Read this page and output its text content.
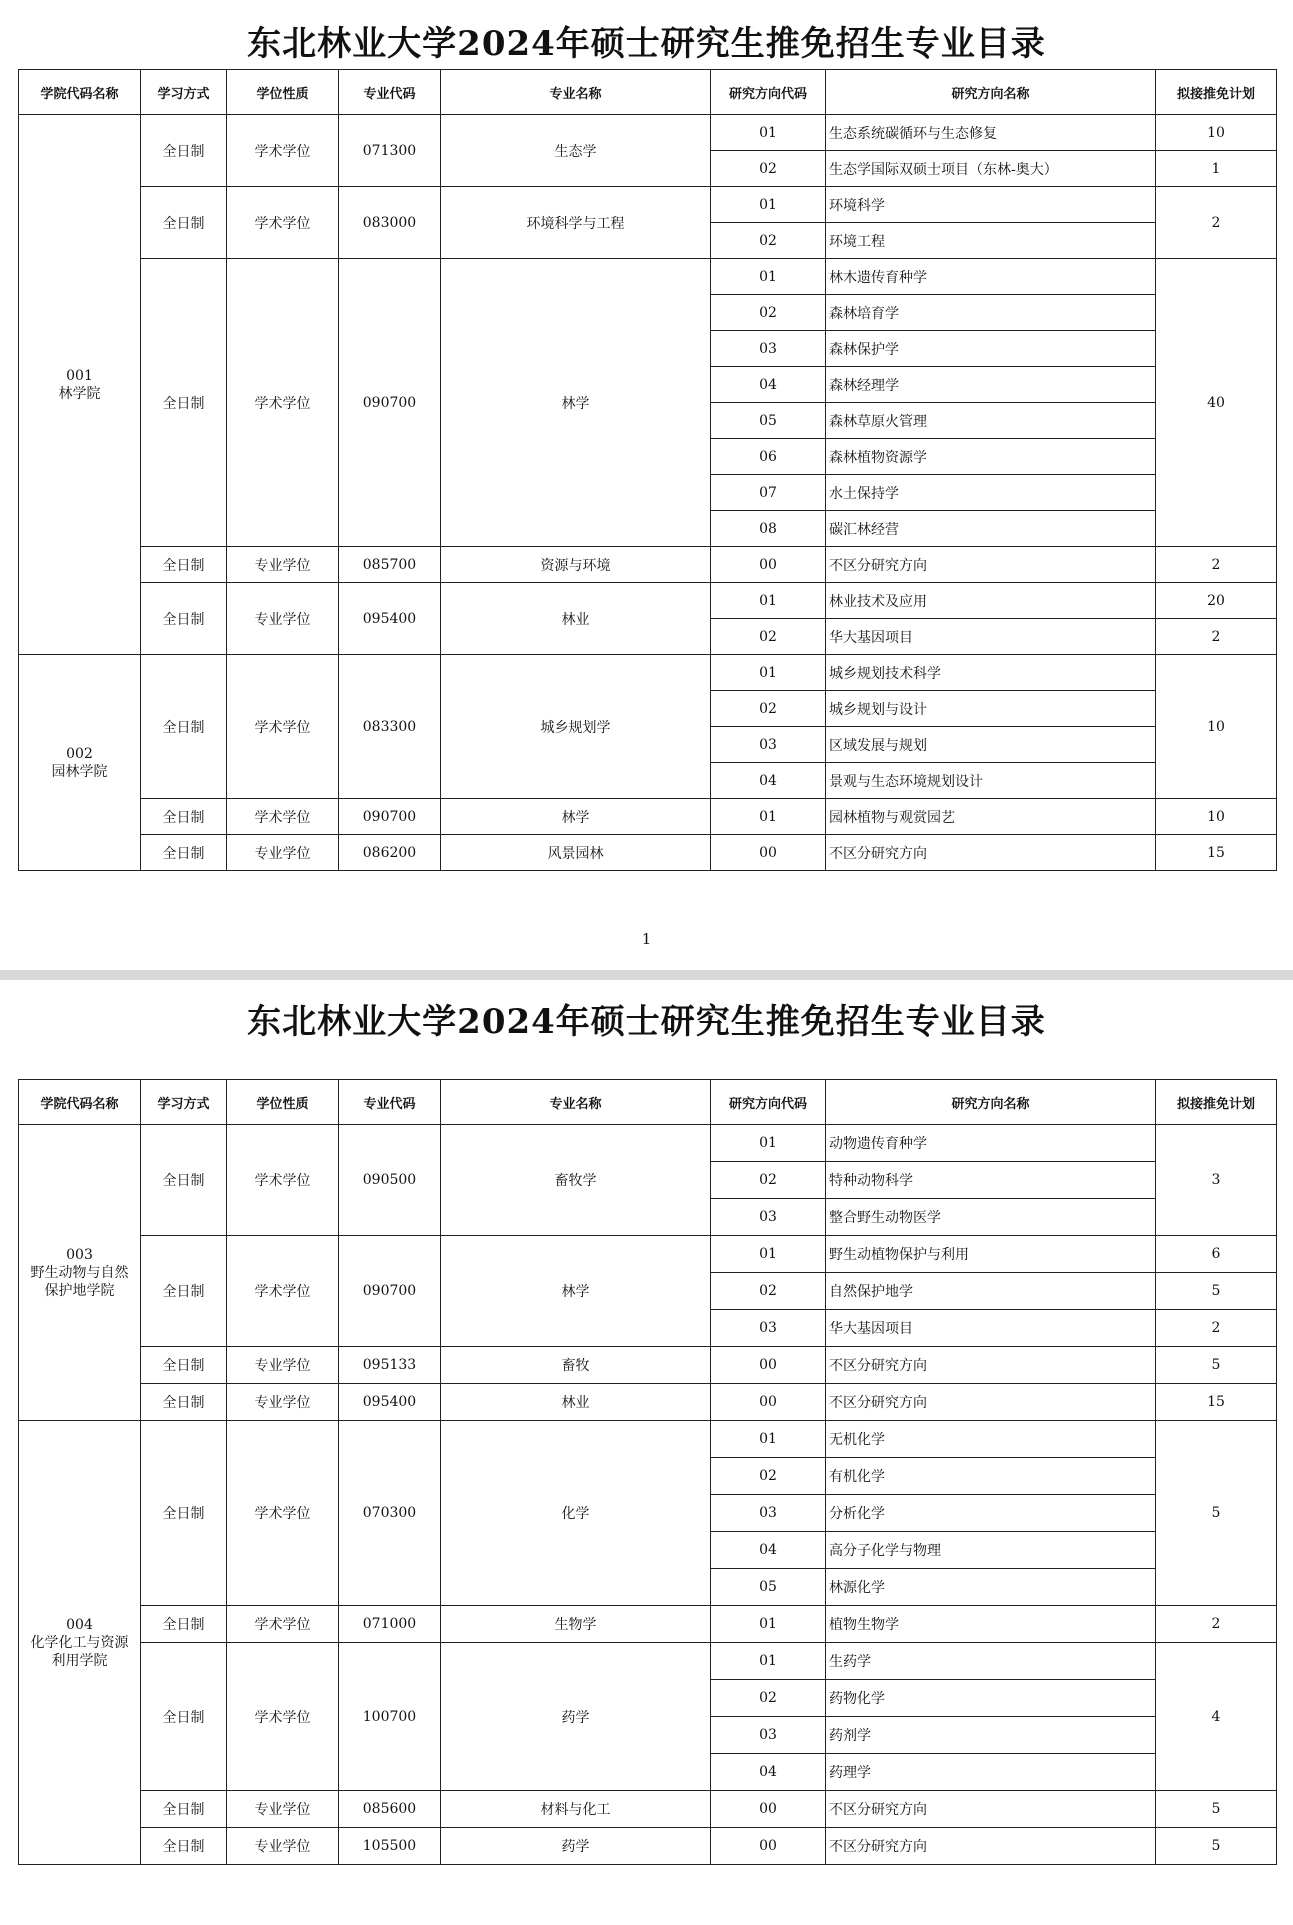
东北林业大学2024年硕士研究生推免招生专业目录
学院代码名称	学习方式	学位性质	专业代码	专业名称	研究方向代码	研究方向名称	拟接推免计划

001
林学院	全日制	学术学位	071300	生态学	01	生态系统碳循环与生态修复	10
					02	生态学国际双硕士项目（东林-奥大）	1
	全日制	学术学位	083000	环境科学与工程	01	环境科学	2
					02	环境工程	
	全日制	学术学位	090700	林学	01	林木遗传育种学	40
					02	森林培育学	
					03	森林保护学	
					04	森林经理学	
					05	森林草原火管理	
					06	森林植物资源学	
					07	水土保持学	
					08	碳汇林经营	
	全日制	专业学位	085700	资源与环境	00	不区分研究方向	2
	全日制	专业学位	095400	林业	01	林业技术及应用	20
					02	华大基因项目	2

002
园林学院	全日制	学术学位	083300	城乡规划学	01	城乡规划技术科学	10
					02	城乡规划与设计	
					03	区域发展与规划	
					04	景观与生态环境规划设计	
	全日制	学术学位	090700	林学	01	园林植物与观赏园艺	10
	全日制	专业学位	086200	风景园林	00	不区分研究方向	15
1
东北林业大学2024年硕士研究生推免招生专业目录
学院代码名称	学习方式	学位性质	专业代码	专业名称	研究方向代码	研究方向名称	拟接推免计划

003
野生动物与自然保护地学院	全日制	学术学位	090500	畜牧学	01	动物遗传育种学	3
					02	特种动物科学	
					03	整合野生动物医学	
	全日制	学术学位	090700	林学	01	野生动植物保护与利用	6
					02	自然保护地学	5
					03	华大基因项目	2
	全日制	专业学位	095133	畜牧	00	不区分研究方向	5
	全日制	专业学位	095400	林业	00	不区分研究方向	15

004
化学化工与资源利用学院	全日制	学术学位	070300	化学	01	无机化学	5
					02	有机化学	
					03	分析化学	
					04	高分子化学与物理	
					05	林源化学	
	全日制	学术学位	071000	生物学	01	植物生物学	2
	全日制	学术学位	100700	药学	01	生药学	4
					02	药物化学	
					03	药剂学	
					04	药理学	
	全日制	专业学位	085600	材料与化工	00	不区分研究方向	5
	全日制	专业学位	105500	药学	00	不区分研究方向	5
